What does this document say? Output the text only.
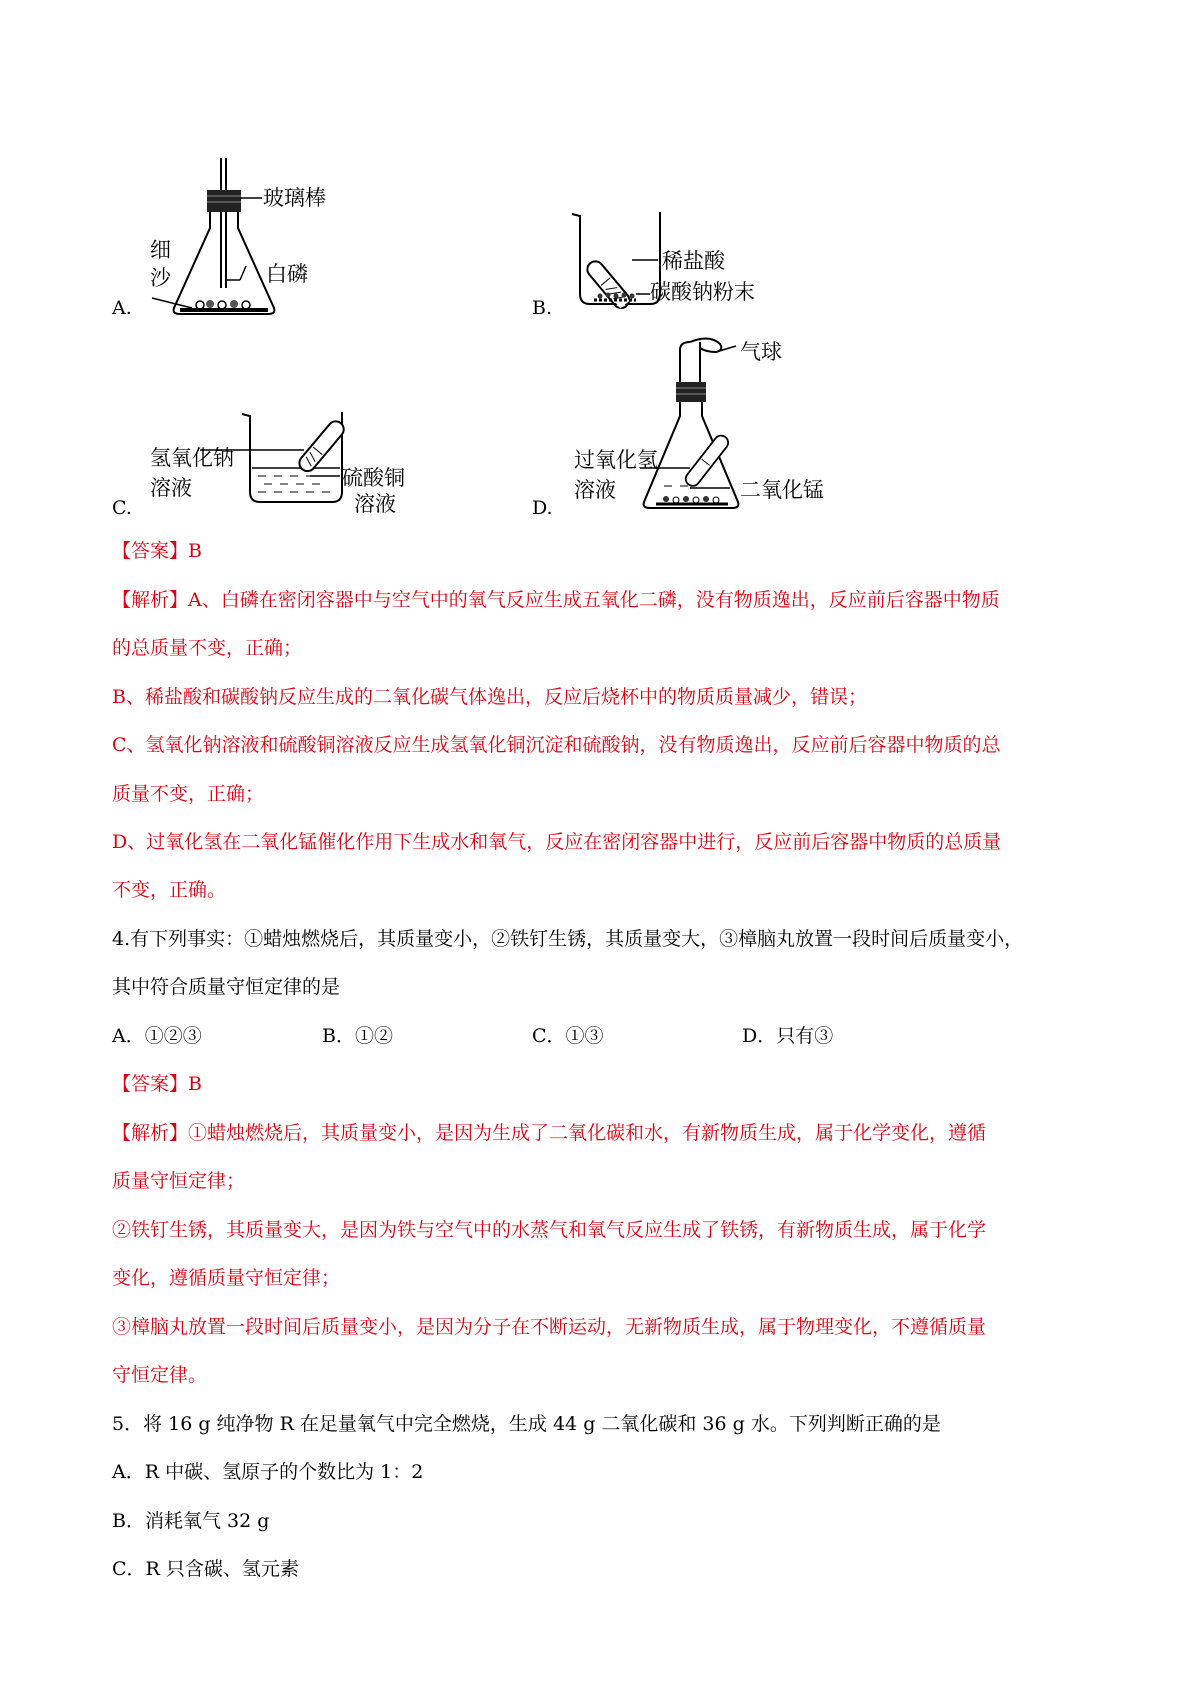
A.
玻璃棒
细
沙	白磷
B.
稀盐酸
碳酸钠粉末
C.
氢氧化钠
溶液	硫酸铜
溶液	D.
气球
过氧化氢
溶液	二氧化锰
【答案】B
【解析】A、白磷在密闭容器中与空气中的氧气反应生成五氧化二磷，没有物质逸出，反应前后容器中物质
的总质量不变，正确；
B、稀盐酸和碳酸钠反应生成的二氧化碳气体逸出，反应后烧杯中的物质质量减少，错误；
C、氢氧化钠溶液和硫酸铜溶液反应生成氢氧化铜沉淀和硫酸钠，没有物质逸出，反应前后容器中物质的总
质量不变，正确；
D、过氧化氢在二氧化锰催化作用下生成水和氧气，反应在密闭容器中进行，反应前后容器中物质的总质量
不变，正确。
4.有下列事实：①蜡烛燃烧后，其质量变小，②铁钉生锈，其质量变大，③樟脑丸放置一段时间后质量变小，
其中符合质量守恒定律的是
A．①②③	B．①②	C．①③	D．只有③
【答案】B
【解析】①蜡烛燃烧后，其质量变小，是因为生成了二氧化碳和水，有新物质生成，属于化学变化，遵循
质量守恒定律；
②铁钉生锈，其质量变大，是因为铁与空气中的水蒸气和氧气反应生成了铁锈，有新物质生成，属于化学
变化，遵循质量守恒定律；
③樟脑丸放置一段时间后质量变小，是因为分子在不断运动，无新物质生成，属于物理变化，不遵循质量
守恒定律。
5．将 16 g 纯净物 R 在足量氧气中完全燃烧，生成 44 g 二氧化碳和 36 g 水。下列判断正确的是
A．R 中碳、氢原子的个数比为 1：2
B．消耗氧气 32 g
C．R 只含碳、氢元素
